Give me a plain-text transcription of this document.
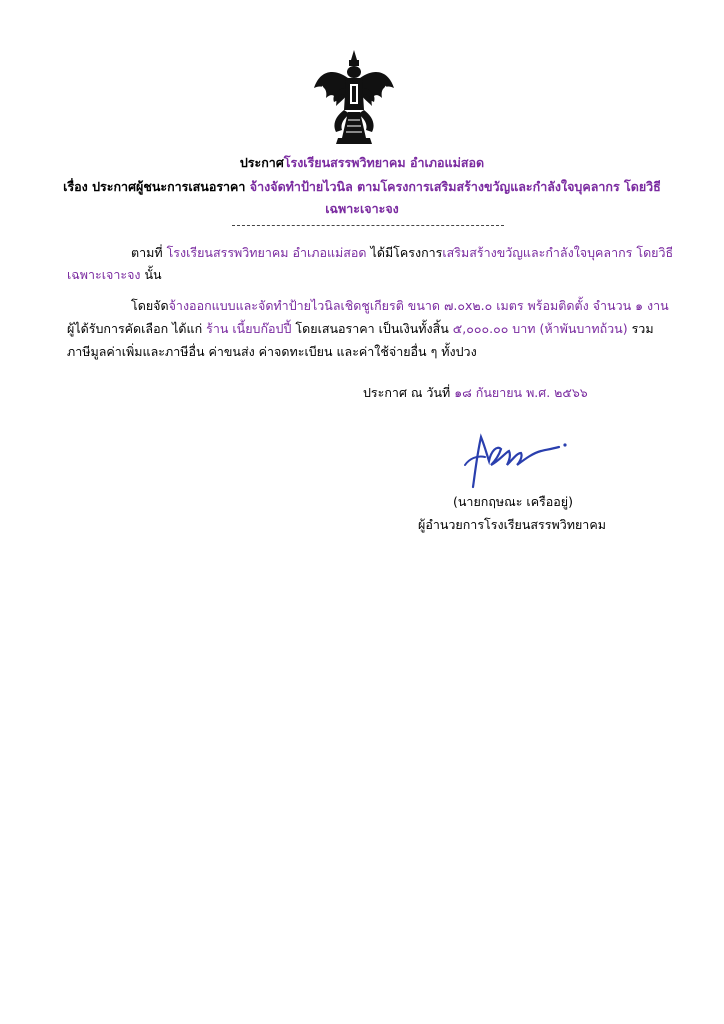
ประกาศโรงเรียนสรรพวิทยาคม อำเภอแม่สอด
เรื่อง ประกาศผู้ชนะการเสนอราคา จ้างจัดทำป้ายไวนิล ตามโครงการเสริมสร้างขวัญและกำลังใจบุคลากร โดยวิธี
เฉพาะเจาะจง
ตามที่ โรงเรียนสรรพวิทยาคม อำเภอแม่สอด ได้มีโครงการเสริมสร้างขวัญและกำลังใจบุคลากร โดยวิธี
เฉพาะเจาะจง นั้น
โดยจัดจ้างออกแบบและจัดทำป้ายไวนิลเชิดชูเกียรติ ขนาด ๗.๐x๒.๐ เมตร พร้อมติดตั้ง จำนวน ๑ งาน
ผู้ได้รับการคัดเลือก ได้แก่ ร้าน เนี้ยบก๊อปปี้ โดยเสนอราคา เป็นเงินทั้งสิ้น ๕,๐๐๐.๐๐ บาท (ห้าพันบาทถ้วน) รวม
ภาษีมูลค่าเพิ่มและภาษีอื่น ค่าขนส่ง ค่าจดทะเบียน และค่าใช้จ่ายอื่น ๆ ทั้งปวง
ประกาศ ณ วันที่ ๑๘ กันยายน พ.ศ. ๒๕๖๖
(นายกฤษณะ เครืออยู่)
ผู้อำนวยการโรงเรียนสรรพวิทยาคม
